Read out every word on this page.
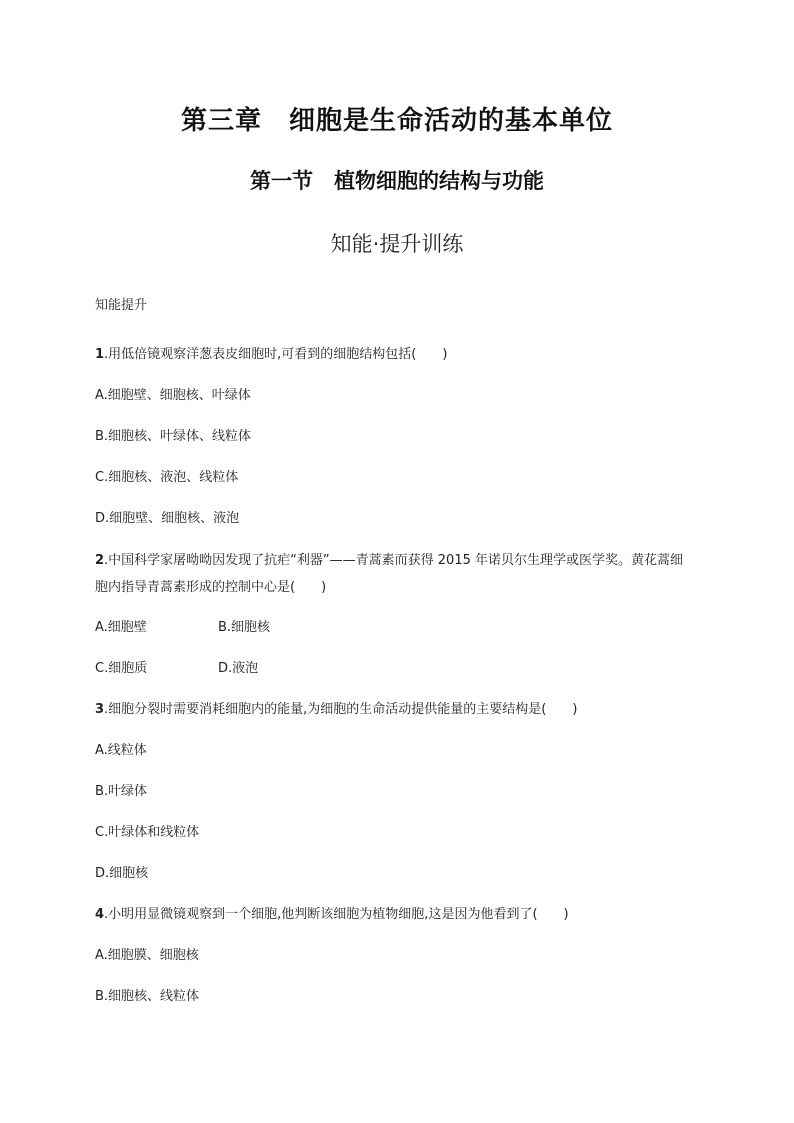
第三章　细胞是生命活动的基本单位
第一节　植物细胞的结构与功能
知能·提升训练
知能提升
1.用低倍镜观察洋葱表皮细胞时,可看到的细胞结构包括(　　)
A.细胞壁、细胞核、叶绿体
B.细胞核、叶绿体、线粒体
C.细胞核、液泡、线粒体
D.细胞壁、细胞核、液泡
2.中国科学家屠呦呦因发现了抗疟“利器”——青蒿素而获得 2015 年诺贝尔生理学或医学奖。黄花蒿细胞内指导青蒿素形成的控制中心是(　　)
A.细胞壁	B.细胞核
C.细胞质	D.液泡
3.细胞分裂时需要消耗细胞内的能量,为细胞的生命活动提供能量的主要结构是(　　)
A.线粒体
B.叶绿体
C.叶绿体和线粒体
D.细胞核
4.小明用显微镜观察到一个细胞,他判断该细胞为植物细胞,这是因为他看到了(　　)
A.细胞膜、细胞核
B.细胞核、线粒体
